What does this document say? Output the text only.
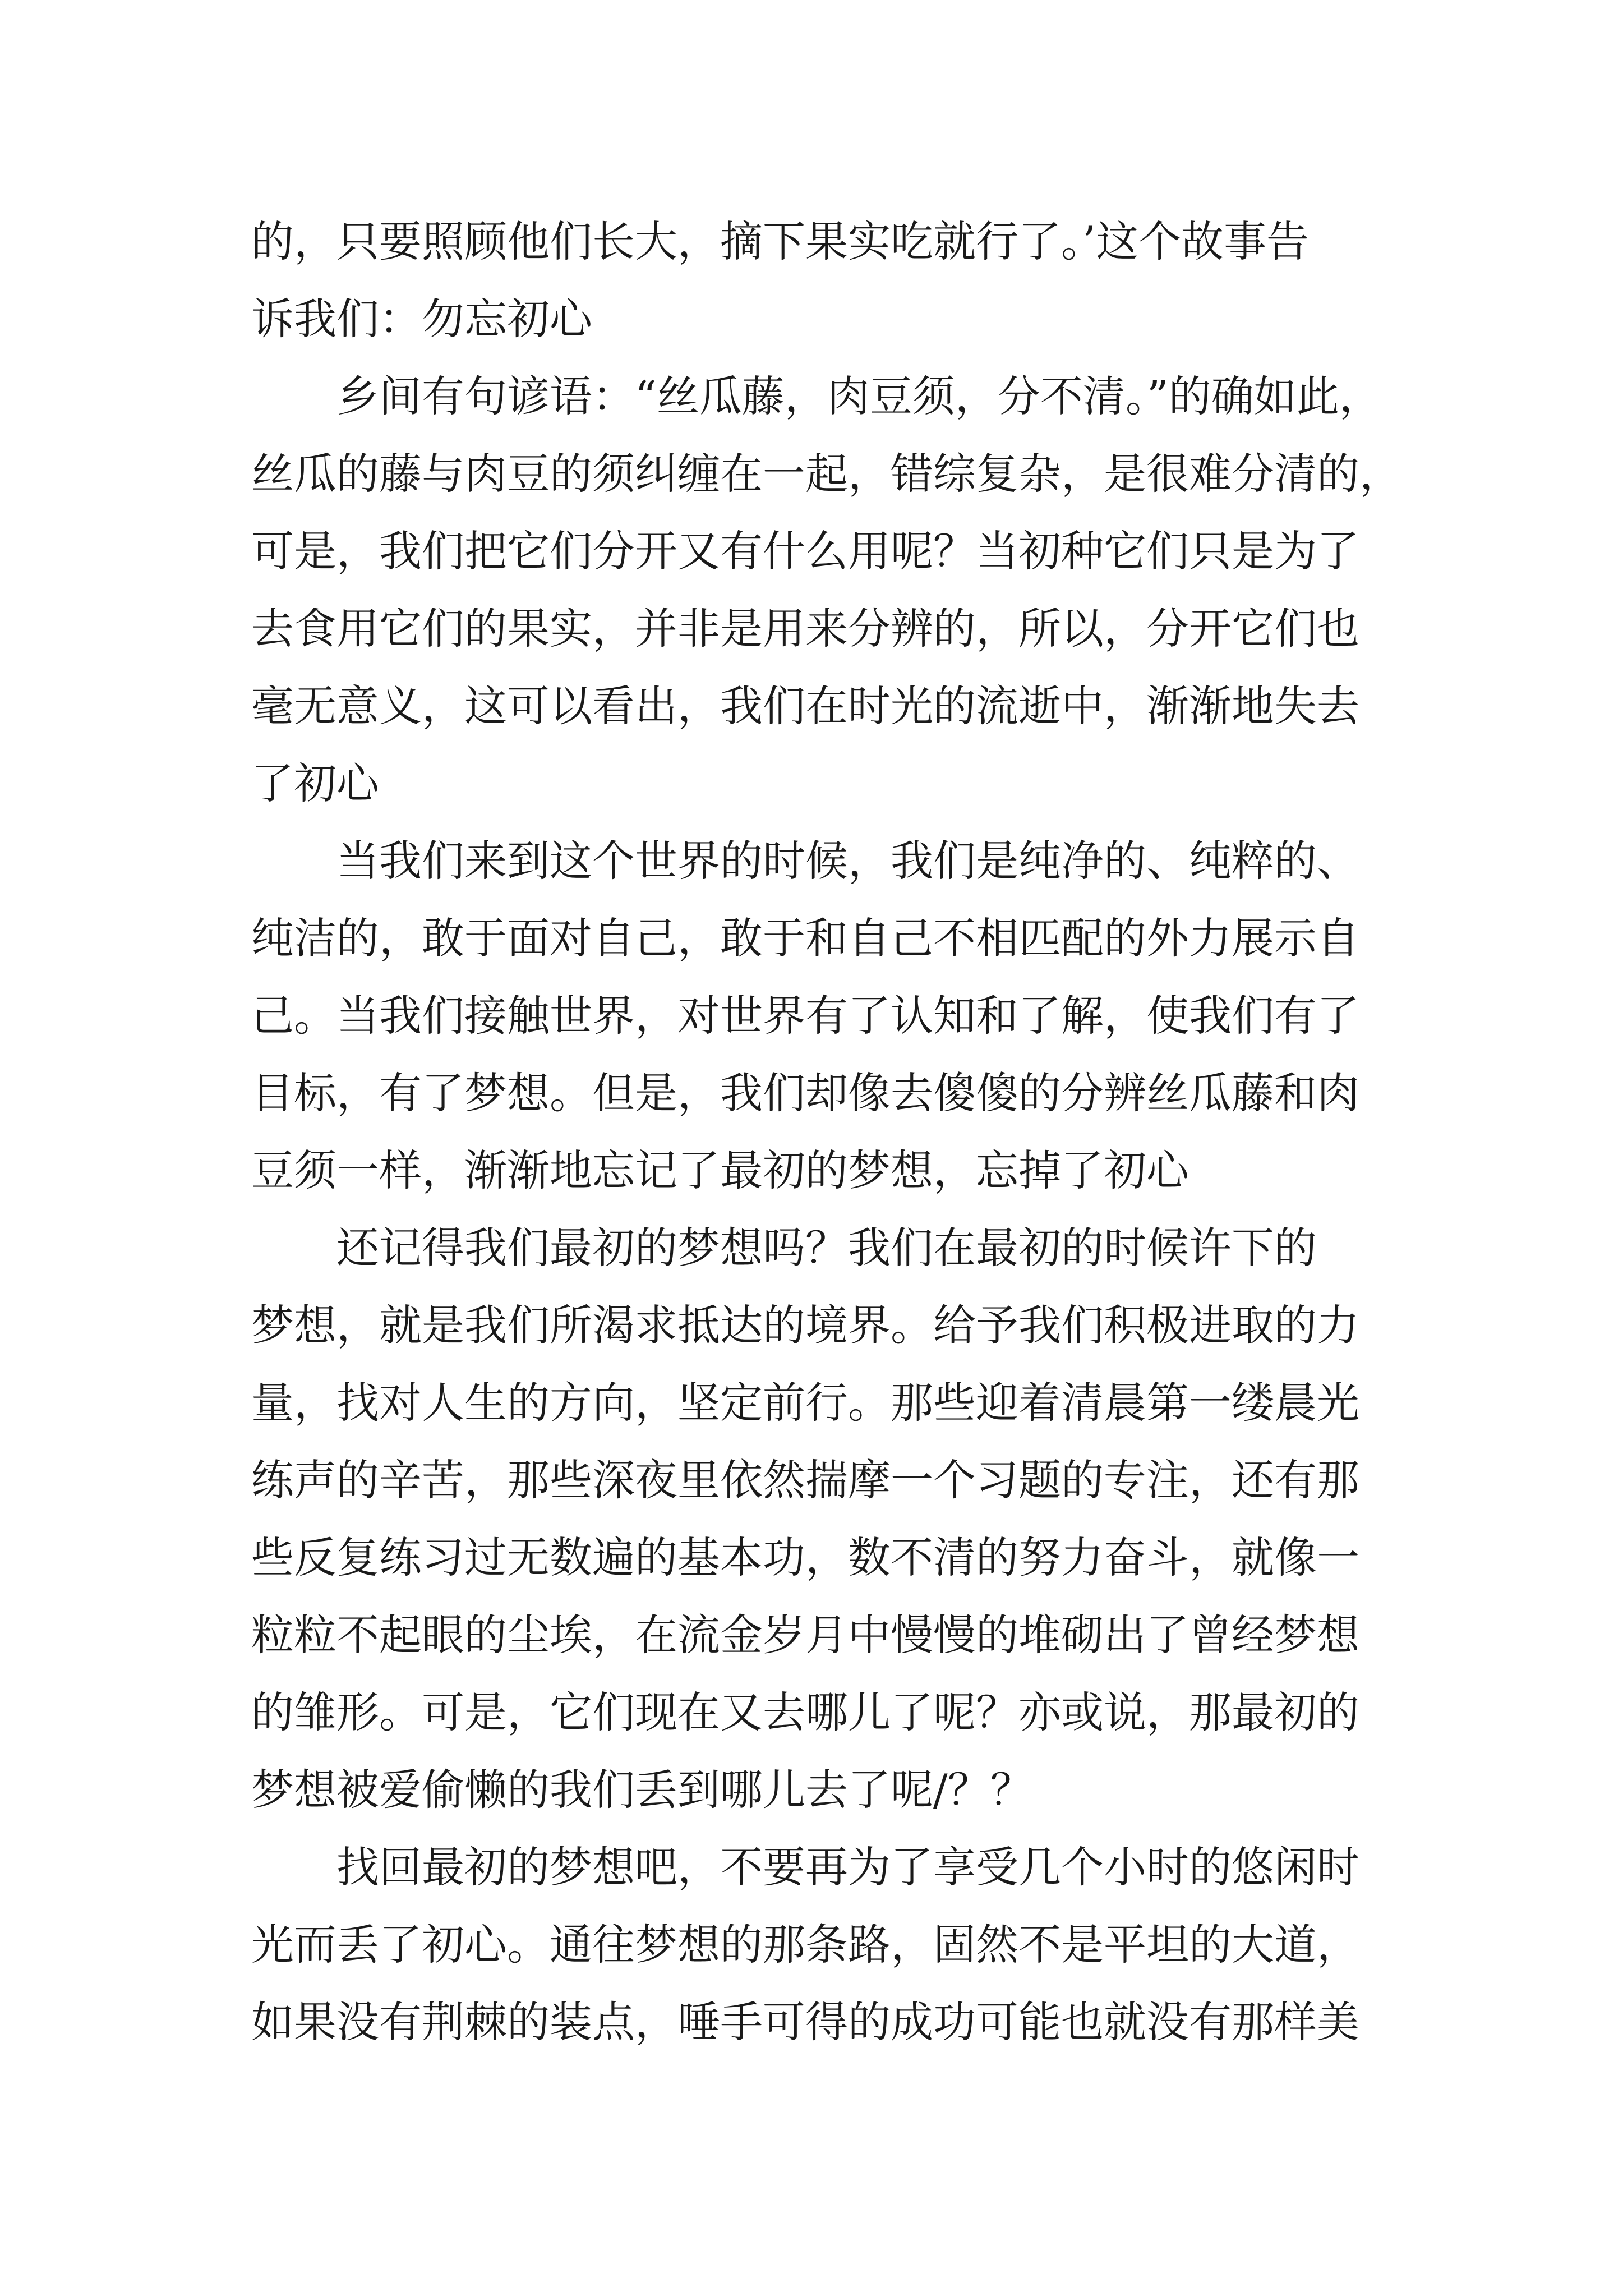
的，只要照顾他们长大，摘下果实吃就行了。’这个故事告
诉我们：勿忘初心
乡间有句谚语：“丝瓜藤，肉豆须，分不清。”的确如此，
丝瓜的藤与肉豆的须纠缠在一起，错综复杂，是很难分清的，
可是，我们把它们分开又有什么用呢？当初种它们只是为了
去食用它们的果实，并非是用来分辨的，所以，分开它们也
毫无意义，这可以看出，我们在时光的流逝中，渐渐地失去
了初心
当我们来到这个世界的时候，我们是纯净的、纯粹的、
纯洁的，敢于面对自己，敢于和自己不相匹配的外力展示自
己。当我们接触世界，对世界有了认知和了解，使我们有了
目标，有了梦想。但是，我们却像去傻傻的分辨丝瓜藤和肉
豆须一样，渐渐地忘记了最初的梦想，忘掉了初心
还记得我们最初的梦想吗？我们在最初的时候许下的
梦想，就是我们所渴求抵达的境界。给予我们积极进取的力
量，找对人生的方向，坚定前行。那些迎着清晨第一缕晨光
练声的辛苦，那些深夜里依然揣摩一个习题的专注，还有那
些反复练习过无数遍的基本功，数不清的努力奋斗，就像一
粒粒不起眼的尘埃，在流金岁月中慢慢的堆砌出了曾经梦想
的雏形。可是，它们现在又去哪儿了呢？亦或说，那最初的
梦想被爱偷懒的我们丢到哪儿去了呢/？？
找回最初的梦想吧，不要再为了享受几个小时的悠闲时
光而丢了初心。通往梦想的那条路，固然不是平坦的大道，
如果没有荆棘的装点，唾手可得的成功可能也就没有那样美
